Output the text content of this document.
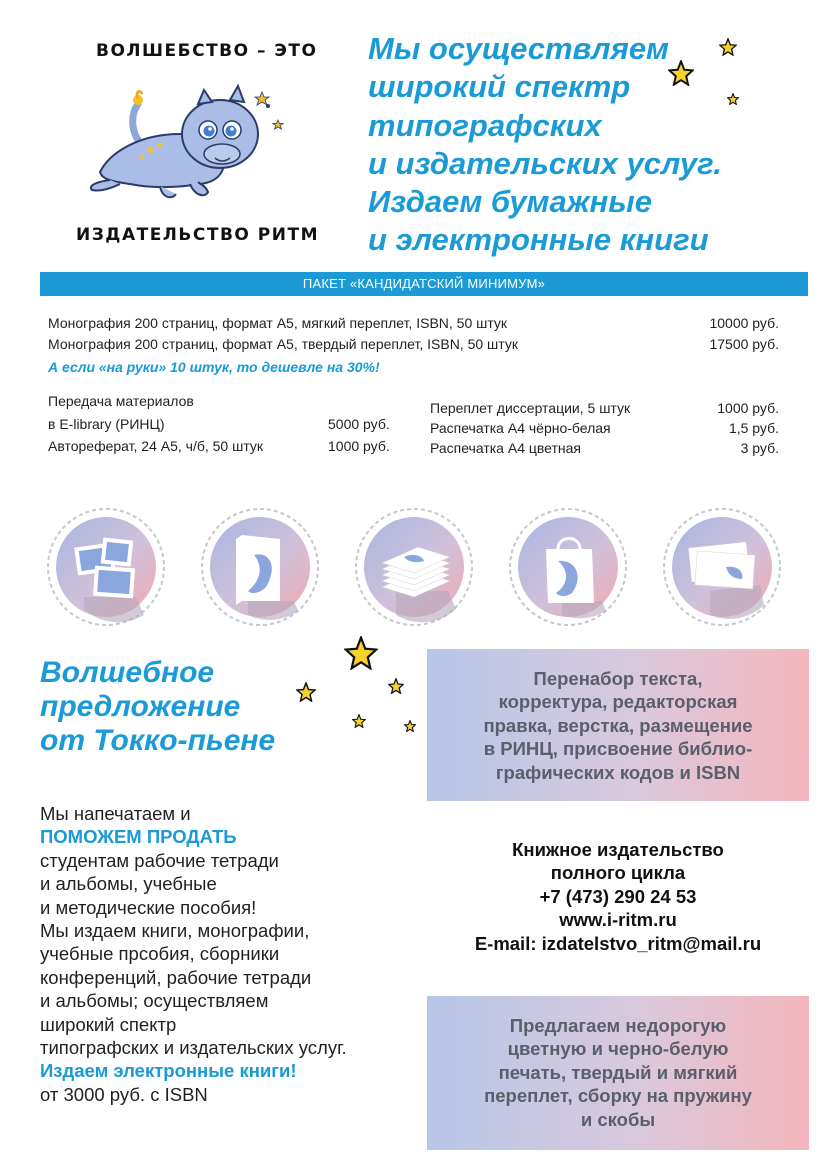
ВОЛШЕБСТВО – ЭТО
ИЗДАТЕЛЬСТВО РИТМ
Мы осуществляем
широкий спектр
типографских
и издательских услуг.
Издаем бумажные
и электронные книги
ПАКЕТ «КАНДИДАТСКИЙ МИНИМУМ»
Монография 200 страниц, формат А5, мягкий переплет, ISBN, 50 штук	10000 руб.
Монография 200 страниц, формат А5, твердый переплет, ISBN, 50 штук	17500 руб.
А если «на руки» 10 штук, то дешевле на 30%!
Передача материалов
в E-library (РИНЦ)	5000 руб.
Автореферат, 24 А5, ч/б, 50 штук	1000 руб.
Переплет диссертации, 5 штук	1000 руб.
Распечатка А4 чёрно-белая	1,5 руб.
Распечатка А4 цветная	3 руб.
Волшебное
предложение
от Токко-пьене
Мы напечатаем и
ПОМОЖЕМ ПРОДАТЬ
студентам рабочие тетради
и альбомы, учебные
и методические пособия!
Мы издаем книги, монографии,
учебные прсобия, сборники
конференций, рабочие тетради
и альбомы; осуществляем
широкий спектр
типографских и издательских услуг.
Издаем электронные книги!
от 3000 руб. с ISBN
Перенабор текста,
корректура, редакторская
правка, верстка, размещение
в РИНЦ, присвоение библио-
графических кодов и ISBN
Книжное издательство
полного цикла
+7 (473) 290 24 53
www.i-ritm.ru
E-mail: izdatelstvo_ritm@mail.ru
Предлагаем недорогую
цветную и черно-белую
печать, твердый и мягкий
переплет, сборку на пружину
и скобы
